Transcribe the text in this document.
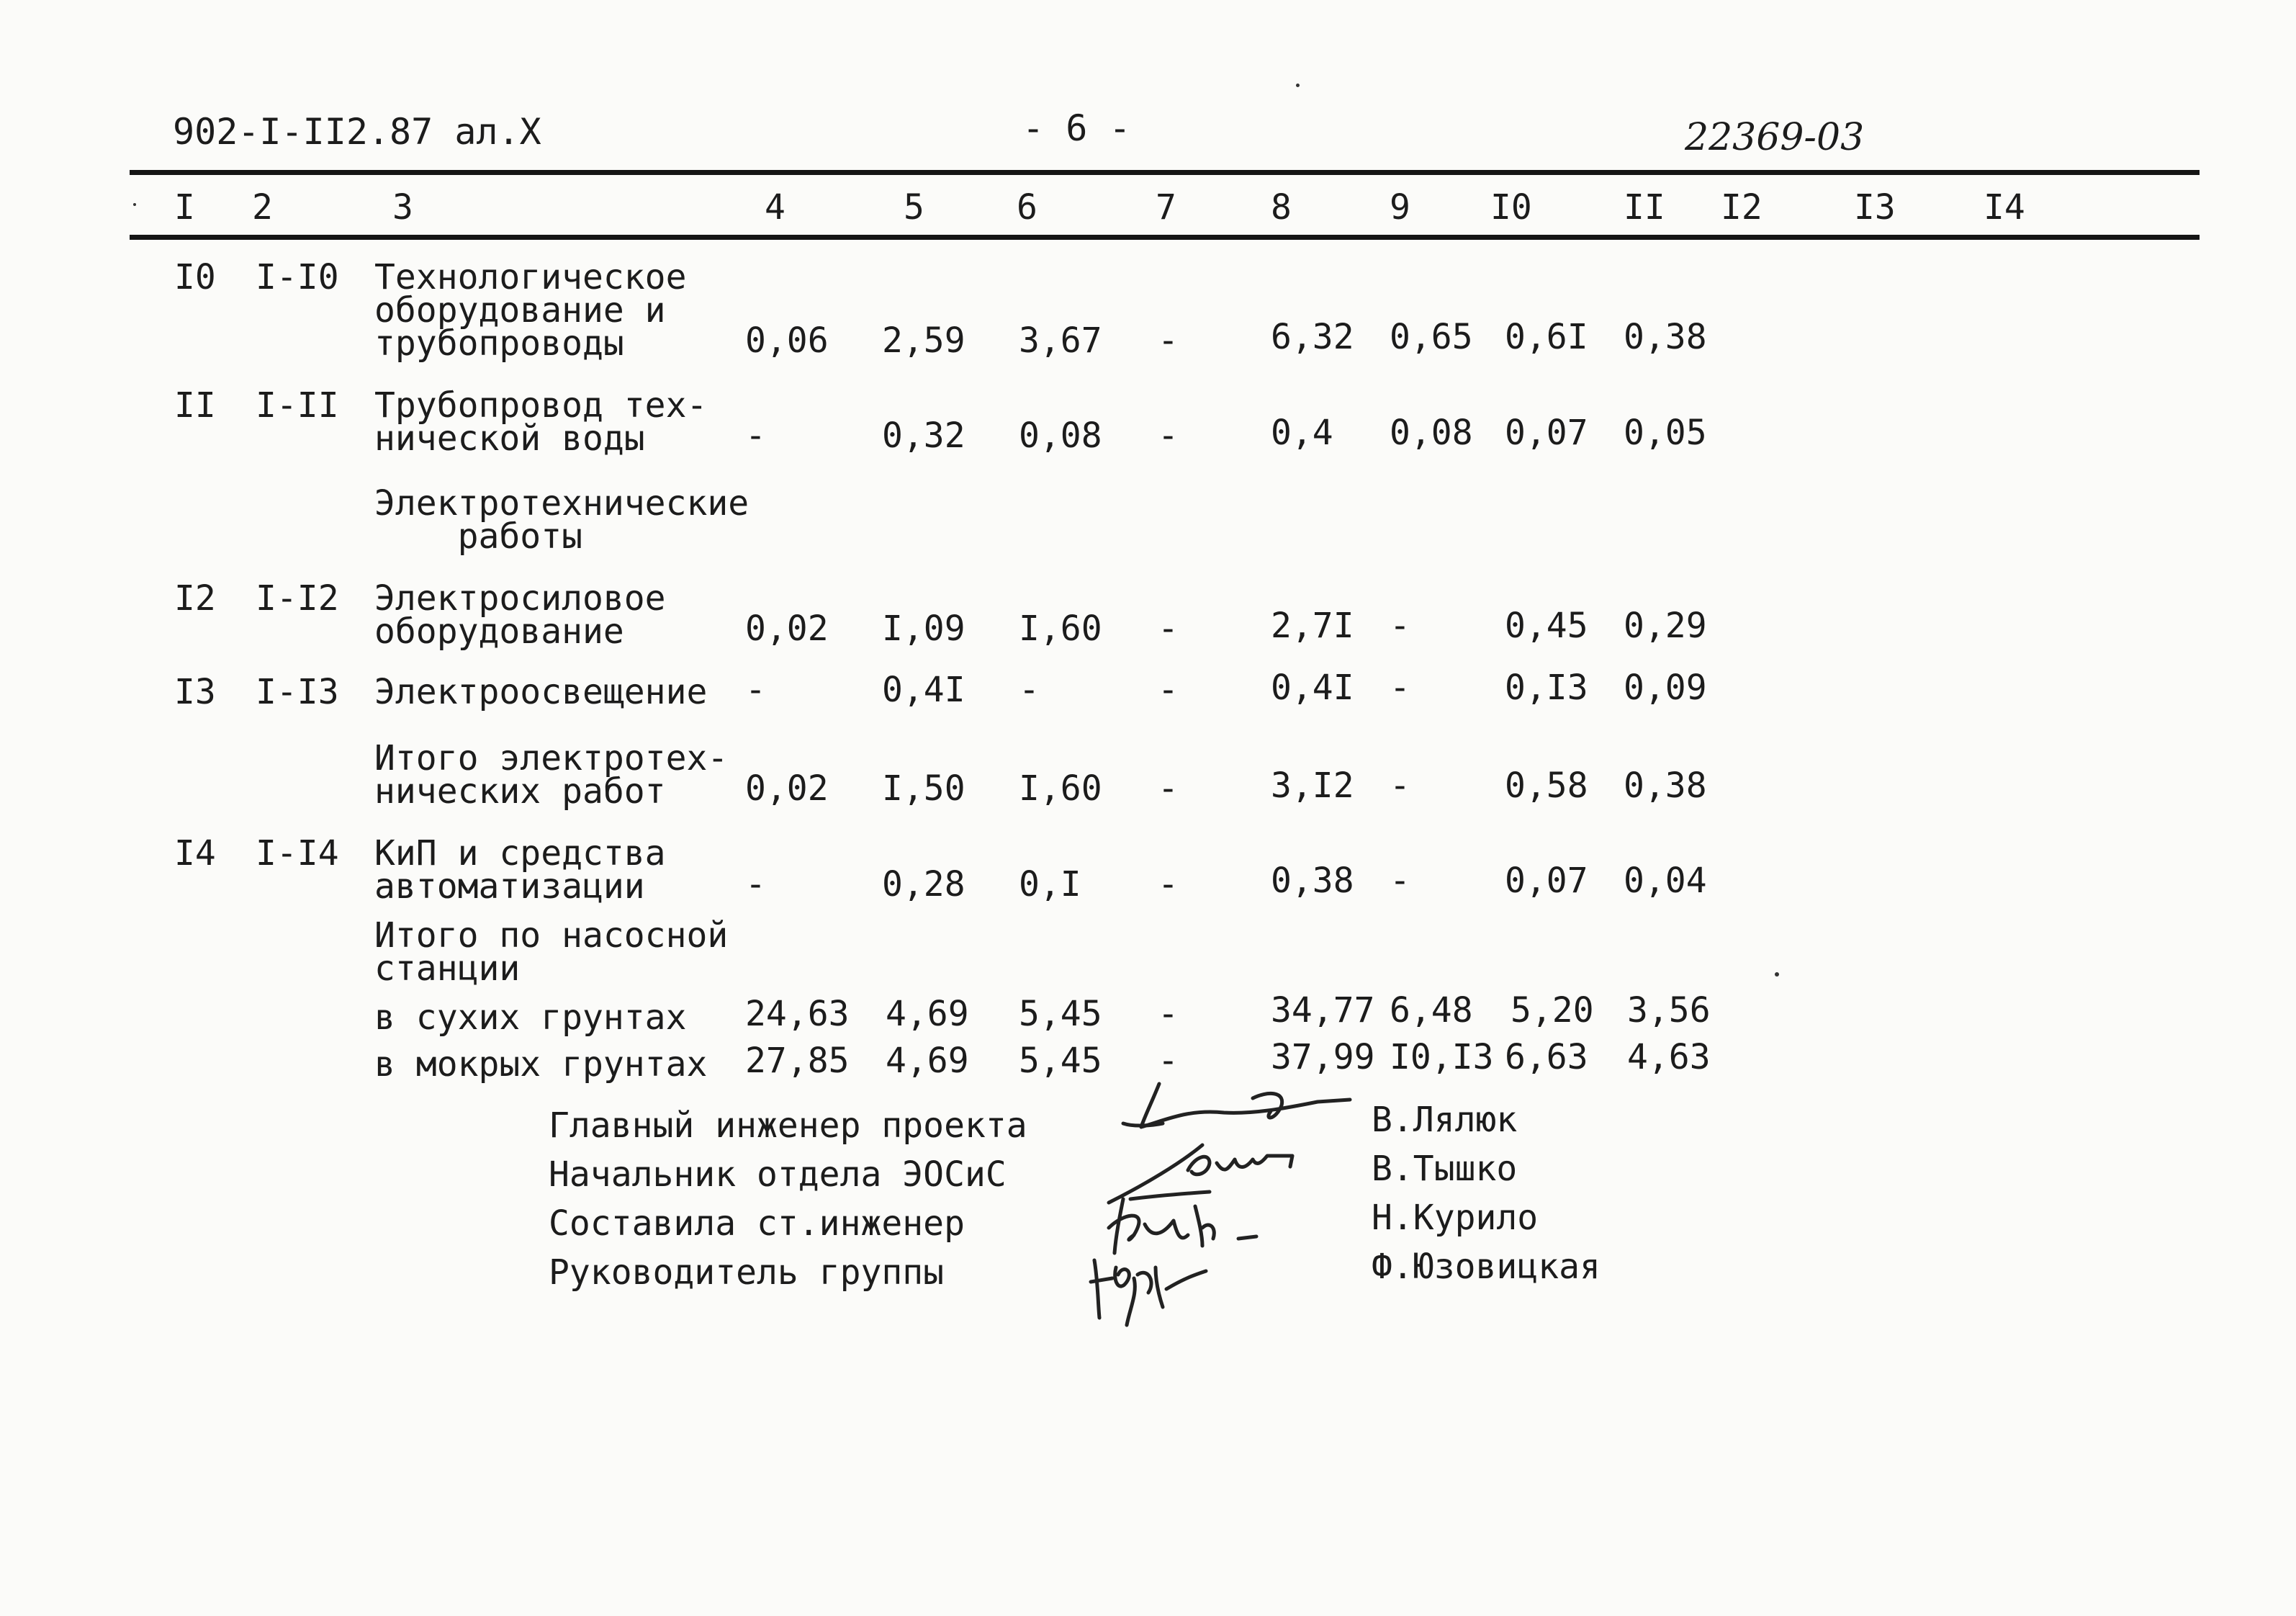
902-I-II2.87 ал.X	- 6 -	22369-03
I 2	3	4	5	6	7	8	9 I0	II I2	I3	I4
I0 I-I0 Технологическое
оборудование и
трубопроводы	0,06 2,59 3,67 -	6,32 0,65 0,6I 0,38
II I-II Трубопровод тех-
нической воды	-	0,32 0,08 -	0,4 0,08 0,07 0,05
Электротехнические
работы
I2 I-I2 Электросиловое
оборудование	0,02 I,09 I,60 -	2,7I -	0,45 0,29
I3 I-I3 Электроосвещение -	0,4I -	-	0,4I -	0,I3 0,09
Итого электротех-
нических работ 0,02 I,50 I,60 -	3,I2 -	0,58 0,38
I4 I-I4 КиП и средства
автоматизации	-	0,28 0,I -	0,38 -	0,07 0,04
Итого по насосной
станции
в сухих грунтах 24,63 4,69 5,45 -	34,77 6,48 5,20 3,56
в мокрых грунтах 27,85 4,69 5,45 -	37,99 I0,I3 6,63 4,63
Главный инженер проекта
Начальник отдела ЭОСиС
Составила ст.инженер
Руководитель группы
В.Лялюк
В.Тышко
Н.Курило
Ф.Юзовицкая
